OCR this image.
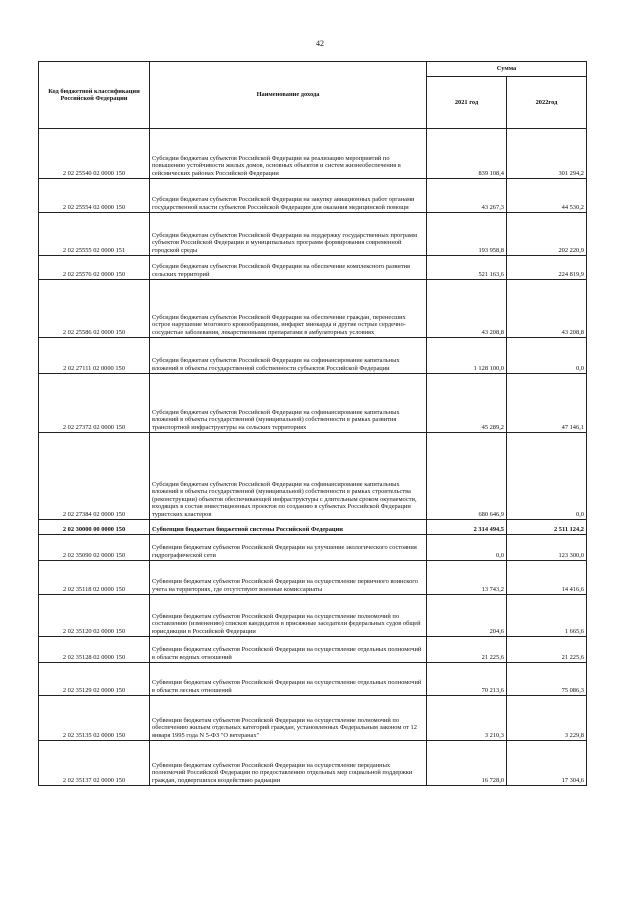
42
Код бюджетной классификации Российской Федерации	Наименование дохода	Сумма	
		2021 год	2022год
2 02 25540 02 0000 150	Субсидии бюджетам субъектов Российской Федерации на реализацию мероприятий по повышению устойчивости жилых домов, основных объектов и систем жизнеобеспечения в сейсмических районах Российской Федерации	839 108,4	301 294,2
2 02 25554 02 0000 150	Субсидии бюджетам субъектов Российской Федерации на закупку авиационных работ органами государственной власти субъектов Российской Федерации для оказания медицинской помощи	43 267,3	44 530,2
2 02 25555 02 0000 151	Субсидии бюджетам субъектов Российской Федерации на поддержку государственных программ субъектов Российской Федерации и муниципальных программ формирования современной городской среды	193 958,8	202 220,9
2 02 25576 02 0000 150	Субсидии бюджетам субъектов Российской Федерации на обеспечение комплексного развития сельских территорий	521 163,6	224 819,9
2 02 25586 02 0000 150	Субсидии бюджетам субъектов Российской Федерации на обеспечение граждан, перенесших острое нарушение мозгового кровообращения, инфаркт миокарда и другие острые сердечно-сосудистые заболевания, лекарственными препаратами в амбулаторных условиях	43 208,8	43 208,8
2 02 27111 02 0000 150	Субсидии бюджетам субъектов Российской Федерации на софинансирование капитальных вложений в объекты государственной собственности субъектов Российской Федерации	1 128 100,0	0,0
2 02 27372 02 0000 150	Субсидии бюджетам субъектов Российской Федерации на софинансирование капитальных вложений в объекты государственной (муниципальной) собственности в рамках развития транспортной инфраструктуры на сельских территориях	45 289,2	47 146,1
2 02 27384 02 0000 150	Субсидии бюджетам субъектов Российской Федерации на софинансирование капитальных вложений в объекты государственной (муниципальной) собственности в рамках строительства (реконструкции) объектов обеспечивающей инфраструктуры с длительным сроком окупаемости, входящих в состав инвестиционных проектов по созданию в субъектах Российской Федерации туристских кластеров	680 646,9	0,0
2 02 30000 00 0000 150	Субвенции бюджетам бюджетной системы Российской Федерации	2 314 494,5	2 511 124,2
2 02 35090 02 0000 150	Субвенции бюджетам субъектов Российской Федерации на улучшение экологического состояния гидрографической сети	0,0	123 300,0
2 02 35118 02 0000 150	Субвенции бюджетам субъектов Российской Федерации на осуществление первичного воинского учета на территориях, где отсутствуют военные комиссариаты	13 743,2	14 416,6
2 02 35120 02 0000 150	Субвенции бюджетам субъектов Российской Федерации на осуществление полномочий по составлению (изменению) списков кандидатов в присяжные заседатели федеральных судов общей юрисдикции в Российской Федерации	204,6	1 665,6
2 02 35128 02 0000 150	Субвенции бюджетам субъектов Российской Федерации на осуществление отдельных полномочий в области водных отношений	21 225,6	21 225,6
2 02 35129 02 0000 150	Субвенции бюджетам субъектов Российской Федерации на осуществление отдельных полномочий в области лесных отношений	70 213,6	75 086,3
2 02 35135 02 0000 150	Субвенции бюджетам субъектов Российской Федерации на осуществление полномочий по обеспечению жильем отдельных категорий граждан, установленных Федеральным законом от 12 января 1995 года N 5-ФЗ "О ветеранах"	3 210,3	3 229,8
2 02 35137 02 0000 150	Субвенции бюджетам субъектов Российской Федерации на осуществление переданных полномочий Российской Федерации по предоставлению отдельных мер социальной поддержки граждан, подвергшихся воздействию радиации	16 728,0	17 304,6
